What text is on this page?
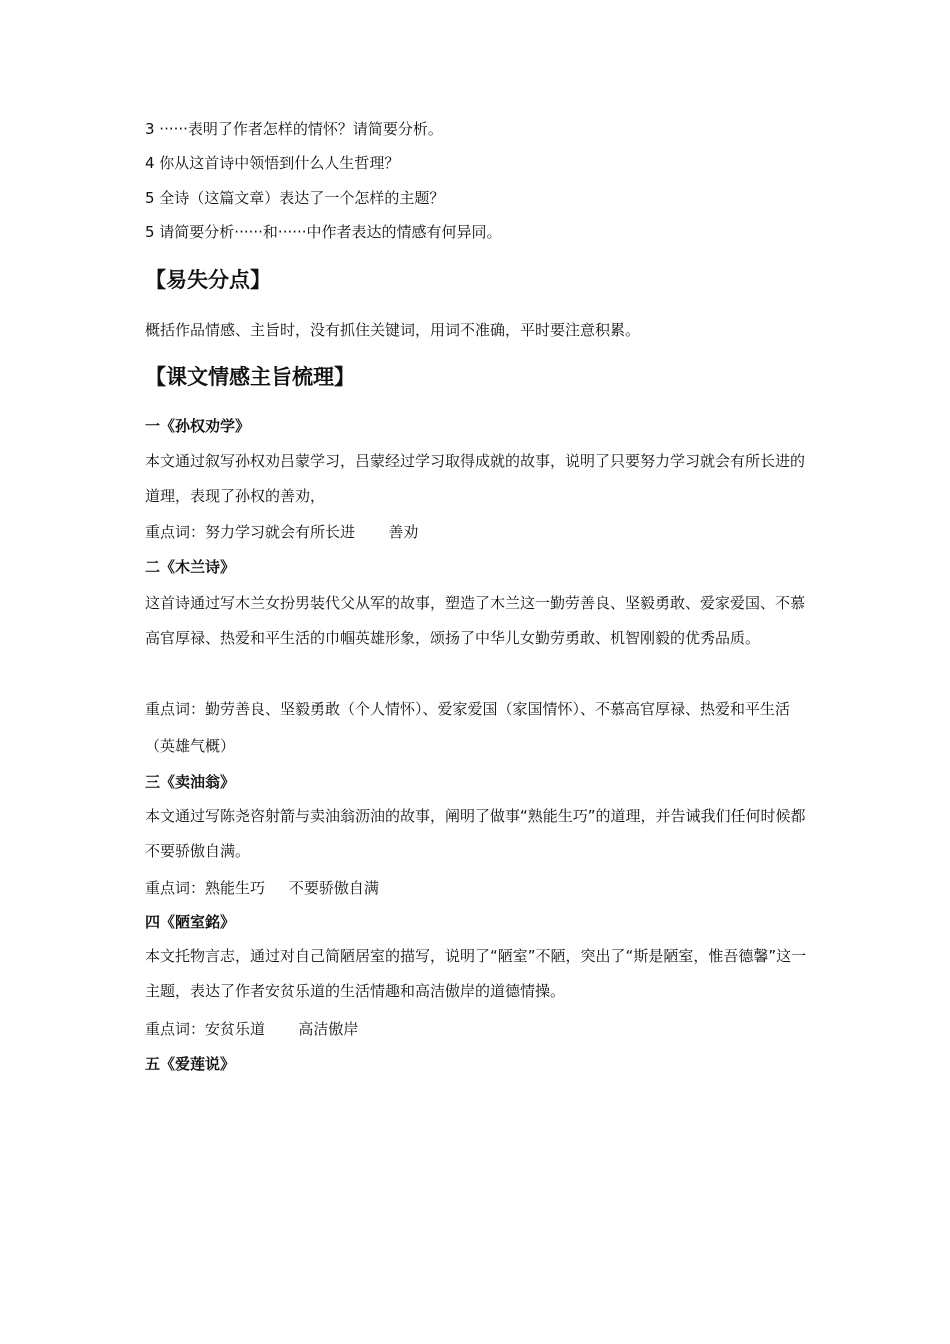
3 ······表明了作者怎样的情怀？请简要分析。
4 你从这首诗中领悟到什么人生哲理？
5 全诗（这篇文章）表达了一个怎样的主题？
5 请简要分析······和······中作者表达的情感有何异同。
【易失分点】
概括作品情感、主旨时，没有抓住关键词，用词不准确，平时要注意积累。
【课文情感主旨梳理】
一《孙权劝学》
本文通过叙写孙权劝吕蒙学习，吕蒙经过学习取得成就的故事，说明了只要努力学习就会有所长进的道理，表现了孙权的善劝，
重点词：努力学习就会有所长进       善劝
二《木兰诗》
这首诗通过写木兰女扮男装代父从军的故事，塑造了木兰这一勤劳善良、坚毅勇敢、爱家爱国、不慕高官厚禄、热爱和平生活的巾帼英雄形象，颂扬了中华儿女勤劳勇敢、机智刚毅的优秀品质。
重点词：勤劳善良、坚毅勇敢（个人情怀）、爱家爱国（家国情怀）、不慕高官厚禄、热爱和平生活（英雄气概）
三《卖油翁》
本文通过写陈尧咨射箭与卖油翁沥油的故事，阐明了做事“熟能生巧”的道理，并告诫我们任何时候都不要骄傲自满。
重点词：熟能生巧     不要骄傲自满
四《陋室銘》
本文托物言志，通过对自己简陋居室的描写，说明了“陋室”不陋，突出了“斯是陋室，惟吾德馨”这一主题，表达了作者安贫乐道的生活情趣和高洁傲岸的道德情操。
重点词：安贫乐道       高洁傲岸
五《爱莲说》
